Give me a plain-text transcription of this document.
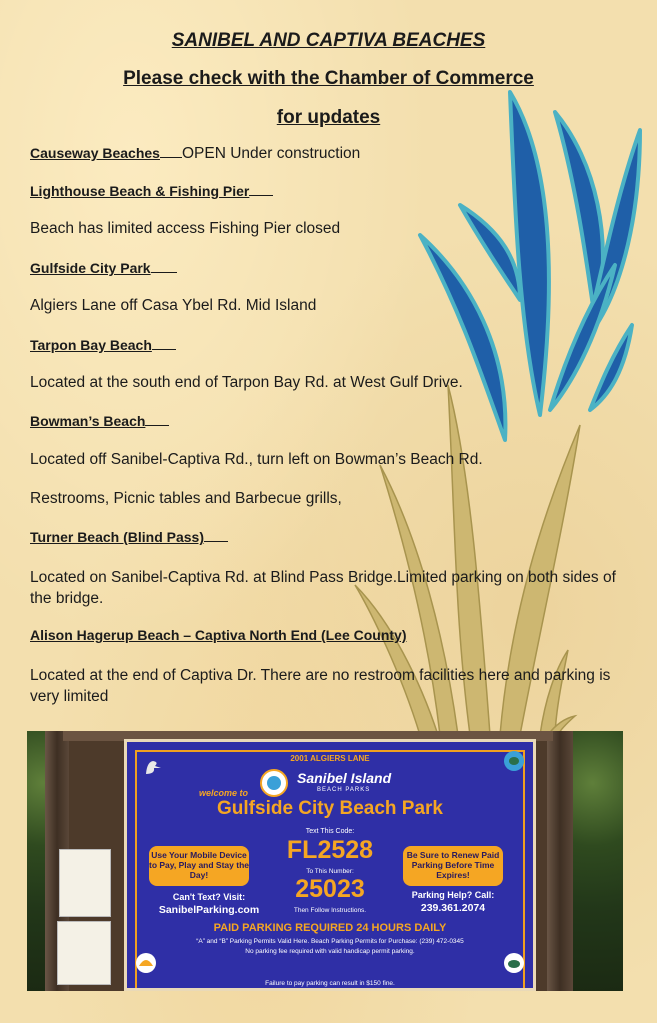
SANIBEL AND CAPTIVA BEACHES
Please check with the Chamber of Commerce
for updates
Causeway Beaches OPEN Under construction
Lighthouse Beach & Fishing Pier
Beach has limited access Fishing Pier closed
Gulfside City Park
Algiers Lane off Casa Ybel Rd. Mid Island
Tarpon Bay Beach
Located at the south end of Tarpon Bay Rd. at West Gulf Drive.
Bowman’s Beach
Located off Sanibel-Captiva Rd., turn left on Bowman’s Beach Rd.
Restrooms, Picnic tables and Barbecue grills,
Turner Beach (Blind Pass)
Located on Sanibel-Captiva Rd. at Blind Pass Bridge.Limited parking on both sides of the bridge.
Alison Hagerup Beach – Captiva North End (Lee County)
Located at the end of Captiva Dr. There are no restroom facilities here and parking is very limited
2001 ALGIERS LANE
Sanibel Island
BEACH PARKS
welcome to
Gulfside City Beach Park
Use Your Mobile Device to Pay, Play and Stay the Day!
Be Sure to Renew Paid Parking Before Time Expires!
Text This Code:
FL2528
To This Number:
25023
Then Follow Instructions.
Can't Text? Visit:
SanibelParking.com
Parking Help? Call:
239.361.2074
PAID PARKING REQUIRED 24 HOURS DAILY
“A” and “B” Parking Permits Valid Here. Beach Parking Permits for Purchase: (239) 472-0345
No parking fee required with valid handicap permit parking.
Failure to pay parking can result in $150 fine.
